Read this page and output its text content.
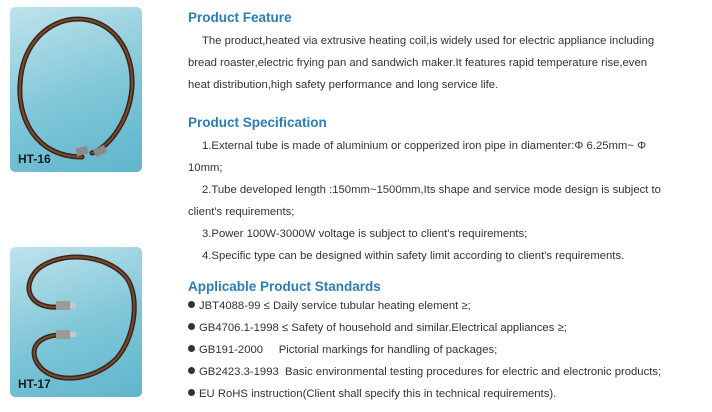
HT-16
HT-17
Product Feature

The product,heated via extrusive heating coil,is widely used for electric appliance including

bread roaster,electric frying pan and sandwich maker.It features rapid temperature rise,even

heat distribution,high safety performance and long service life.

Product Specification

1.External tube is made of aluminium or copperized iron pipe in diamenter:Φ 6.25mm~ Φ

10mm;

2.Tube developed length :150mm~1500mm,Its shape and service mode design is subject to

client's requirements;

3.Power 100W-3000W voltage is subject to client's requirements;

4.Specific type can be designed within safety limit according to client's requirements.

Applicable Product Standards
JBT4088-99 ≤ Daily service tubular heating element ≥;
GB4706.1-1998 ≤ Safety of household and similar.Electrical appliances ≥;
GB191-2000     Pictorial markings for handling of packages;
GB2423.3-1993  Basic environmental testing procedures for electric and electronic products;
EU RoHS instruction(Client shall specify this in technical requirements).
